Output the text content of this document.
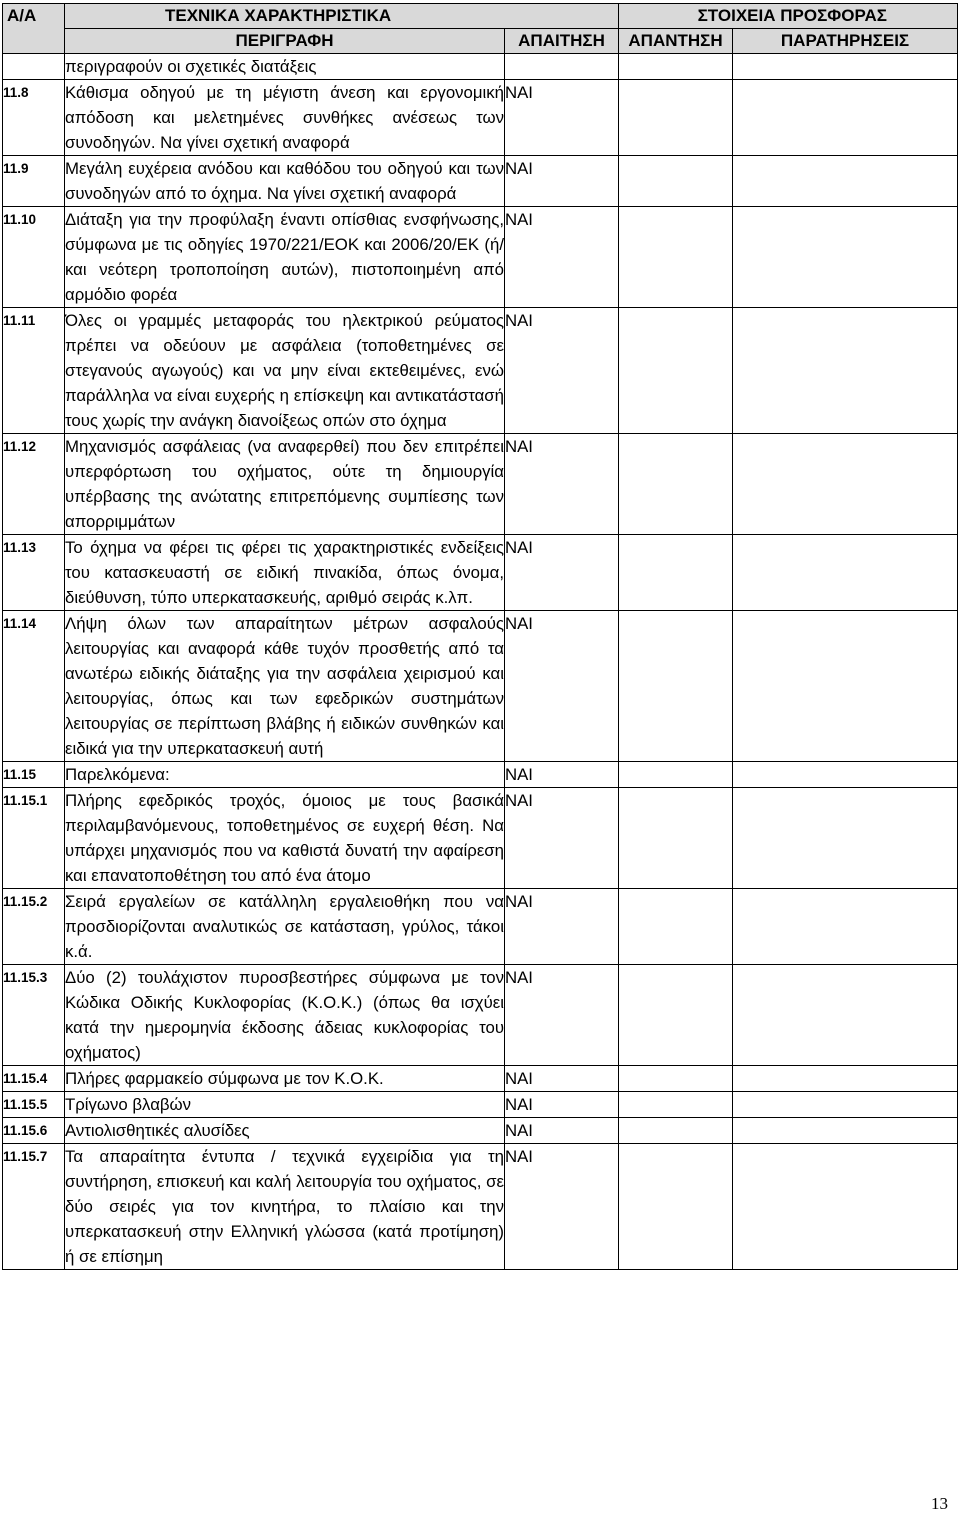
Α/Α	ΤΕΧΝΙΚΑ ΧΑΡΑΚΤΗΡΙΣΤΙΚΑ		ΣΤΟΙΧΕΙΑ ΠΡΟΣΦΟΡΑΣ	
	ΠΕΡΙΓΡΑΦΗ	ΑΠΑΙΤΗΣΗ	ΑΠΑΝΤΗΣΗ	ΠΑΡΑΤΗΡΗΣΕΙΣ
	περιγραφούν οι σχετικές διατάξεις			
11.8	Κάθισμα οδηγού με τη μέγιστη άνεση και εργονομική απόδοση και μελετημένες συνθήκες ανέσεως των συνοδηγών. Να γίνει σχετική αναφορά	ΝΑΙ		
11.9	Μεγάλη ευχέρεια ανόδου και καθόδου του οδηγού και των συνοδηγών από το όχημα. Να γίνει σχετική αναφορά	ΝΑΙ		
11.10	Διάταξη για την προφύλαξη έναντι οπίσθιας ενσφήνωσης, σύμφωνα με τις οδηγίες 1970/221/ΕΟΚ και 2006/20/ΕΚ (ή/και νεότερη τροποποίηση αυτών), πιστοποιημένη από αρμόδιο φορέα	ΝΑΙ		
11.11	Όλες οι γραμμές μεταφοράς του ηλεκτρικού ρεύματος πρέπει να οδεύουν με ασφάλεια (τοποθετημένες σε στεγανούς αγωγούς) και να μην είναι εκτεθειμένες, ενώ παράλληλα να είναι ευχερής η επίσκεψη και αντικατάστασή τους χωρίς την ανάγκη διανοίξεως οπών στο όχημα	ΝΑΙ		
11.12	Μηχανισμός ασφάλειας (να αναφερθεί) που δεν επιτρέπει υπερφόρτωση του οχήματος, ούτε τη δημιουργία υπέρβασης της ανώτατης επιτρεπόμενης συμπίεσης των απορριμμάτων	ΝΑΙ		
11.13	Το όχημα να φέρει τις φέρει τις χαρακτηριστικές ενδείξεις του κατασκευαστή σε ειδική πινακίδα, όπως όνομα, διεύθυνση, τύπο υπερκατασκευής, αριθμό σειράς κ.λπ.	ΝΑΙ		
11.14	Λήψη όλων των απαραίτητων μέτρων ασφαλούς λειτουργίας και αναφορά κάθε τυχόν προσθετής από τα ανωτέρω ειδικής διάταξης για την ασφάλεια χειρισμού και λειτουργίας, όπως και των εφεδρικών συστημάτων λειτουργίας σε περίπτωση βλάβης ή ειδικών συνθηκών και ειδικά για την υπερκατασκευή αυτή	ΝΑΙ		
11.15	Παρελκόμενα:	ΝΑΙ		
11.15.1	Πλήρης εφεδρικός τροχός, όμοιος με τους βασικά περιλαμβανόμενους, τοποθετημένος σε ευχερή θέση. Να υπάρχει μηχανισμός που να καθιστά δυνατή την αφαίρεση και επανατοποθέτηση του από ένα άτομο	ΝΑΙ		
11.15.2	Σειρά εργαλείων σε κατάλληλη εργαλειοθήκη που να προσδιορίζονται αναλυτικώς σε κατάσταση, γρύλος, τάκοι κ.ά.	ΝΑΙ		
11.15.3	Δύο (2) τουλάχιστον πυροσβεστήρες σύμφωνα με τον Κώδικα Οδικής Κυκλοφορίας (Κ.Ο.Κ.) (όπως θα ισχύει κατά την ημερομηνία έκδοσης άδειας κυκλοφορίας του οχήματος)	ΝΑΙ		
11.15.4	Πλήρες φαρμακείο σύμφωνα με τον Κ.Ο.Κ.	ΝΑΙ		
11.15.5	Τρίγωνο βλαβών	ΝΑΙ		
11.15.6	Αντιολισθητικές αλυσίδες	ΝΑΙ		
11.15.7	Τα απαραίτητα έντυπα / τεχνικά εγχειρίδια για τη συντήρηση, επισκευή και καλή λειτουργία του οχήματος, σε δύο σειρές για τον κινητήρα, το πλαίσιο και την υπερκατασκευή στην Ελληνική γλώσσα (κατά προτίμηση) ή σε επίσημη	ΝΑΙ		
13
